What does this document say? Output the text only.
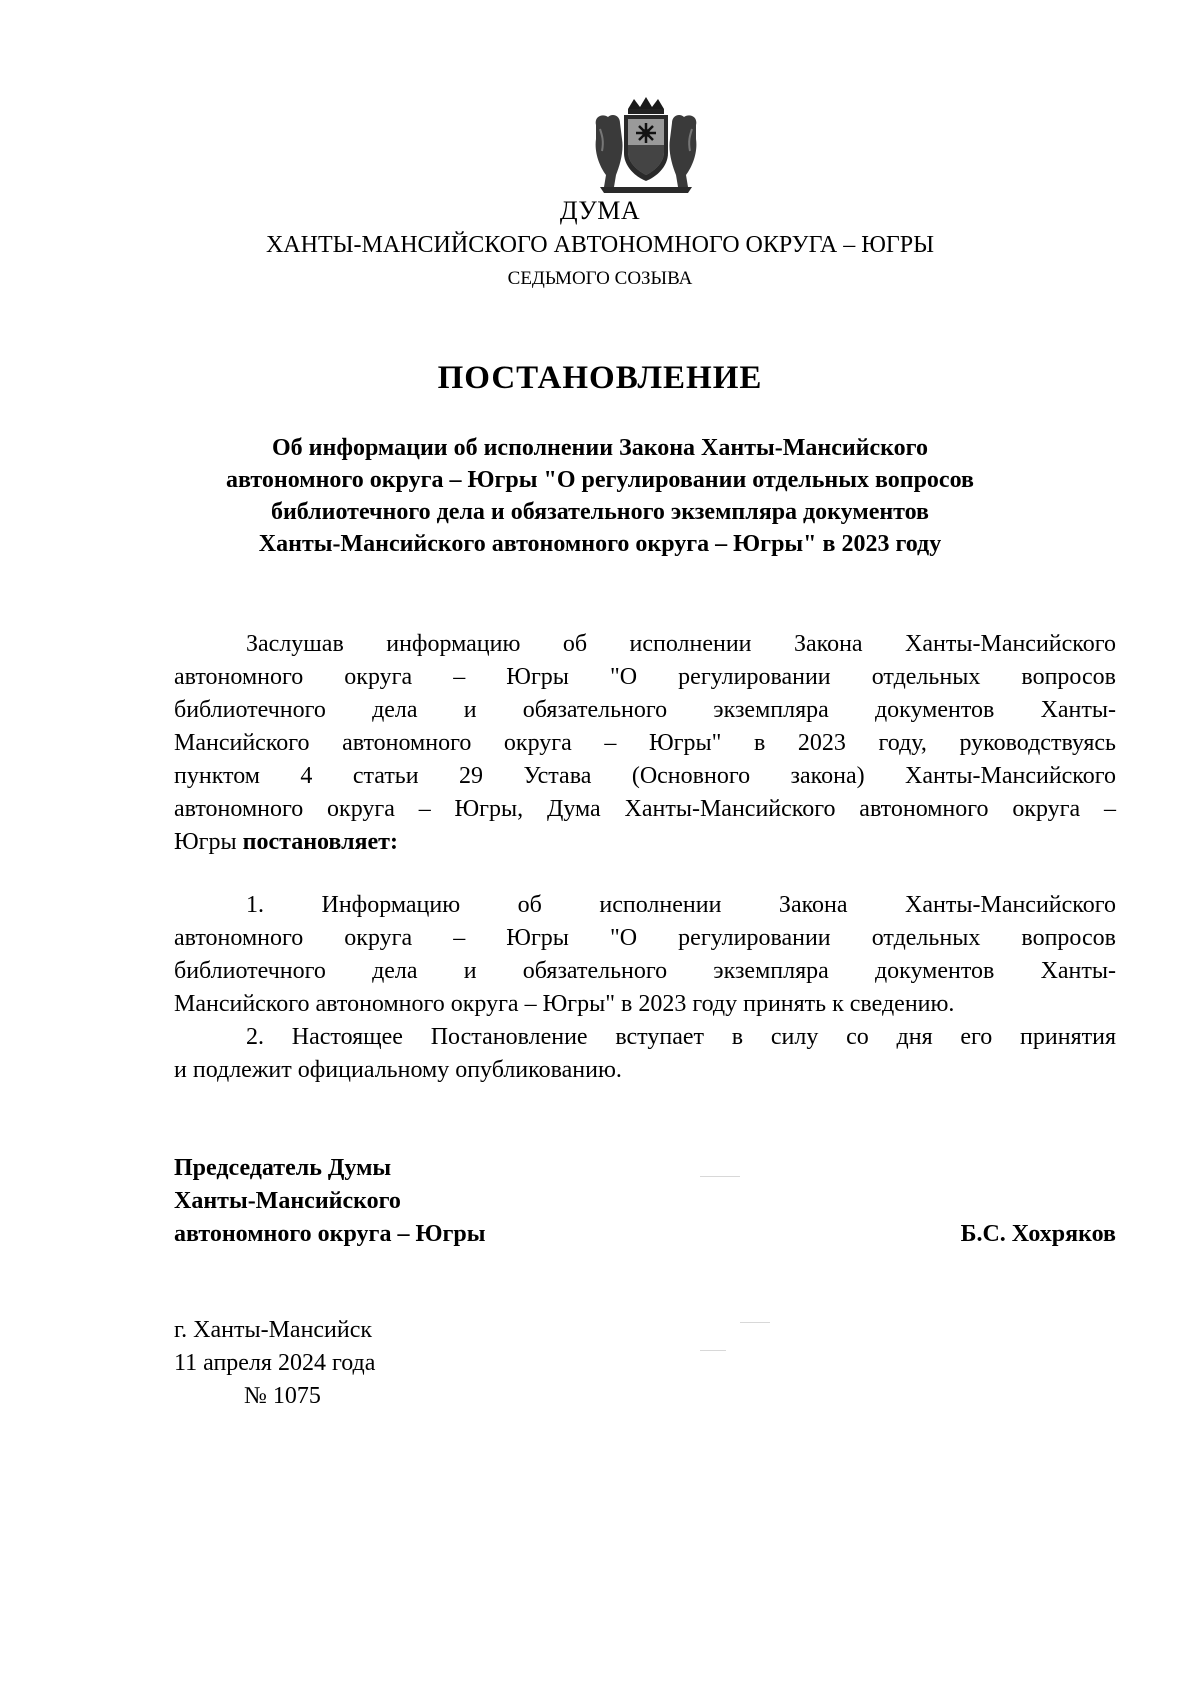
ДУМА
ХАНТЫ-МАНСИЙСКОГО АВТОНОМНОГО ОКРУГА – ЮГРЫ
СЕДЬМОГО СОЗЫВА
ПОСТАНОВЛЕНИЕ
Об информации об исполнении Закона Ханты-Мансийского
автономного округа – Югры "О регулировании отдельных вопросов
библиотечного дела и обязательного экземпляра документов
Ханты-Мансийского автономного округа – Югры" в 2023 году
Заслушав информацию об исполнении Закона Ханты-Мансийского
автономного округа – Югры "О регулировании отдельных вопросов
библиотечного дела и обязательного экземпляра документов Ханты-
Мансийского автономного округа – Югры" в 2023 году, руководствуясь
пунктом 4 статьи 29 Устава (Основного закона) Ханты-Мансийского
автономного округа – Югры, Дума Ханты-Мансийского автономного округа –
Югры постановляет:
1. Информацию об исполнении Закона Ханты-Мансийского
автономного округа – Югры "О регулировании отдельных вопросов
библиотечного дела и обязательного экземпляра документов Ханты-
Мансийского автономного округа – Югры" в 2023 году принять к сведению.
2. Настоящее Постановление вступает в силу со дня его принятия
и подлежит официальному опубликованию.
Председатель Думы
Ханты-Мансийского
автономного округа – Югры	Б.С. Хохряков
г. Ханты-Мансийск
11 апреля 2024 года
№ 1075
